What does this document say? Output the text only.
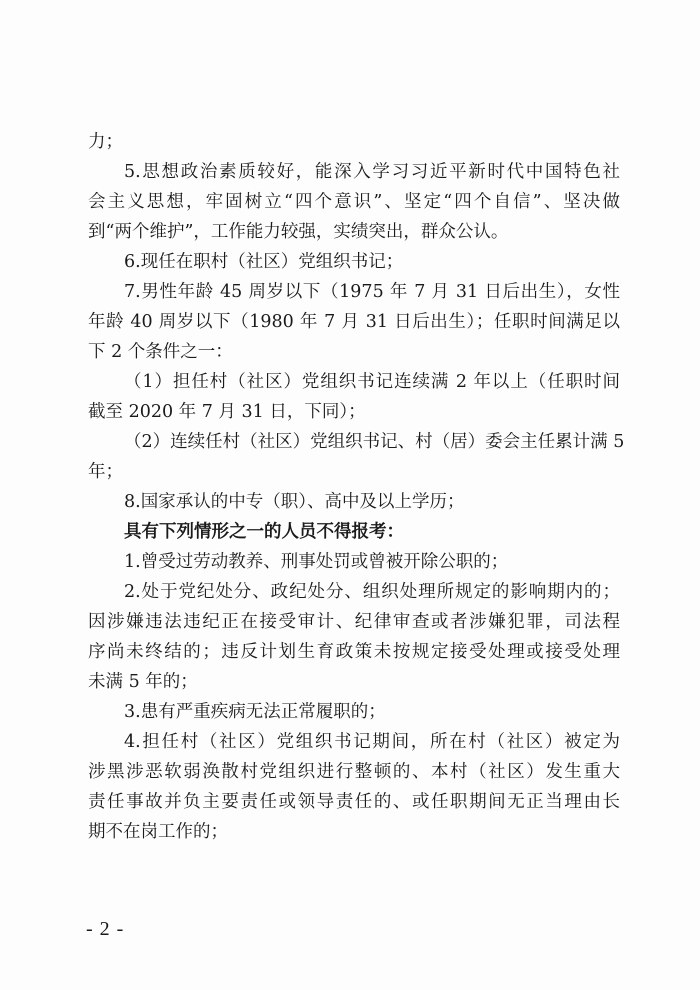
力；

5.思想政治素质较好，能深入学习习近平新时代中国特色社

会主义思想，牢固树立“四个意识”、坚定“四个自信”、坚决做

到“两个维护”，工作能力较强，实绩突出，群众公认。

6.现任在职村（社区）党组织书记；

7.男性年龄 45 周岁以下（1975 年 7 月 31 日后出生），女性

年龄 40 周岁以下（1980 年 7 月 31 日后出生）；任职时间满足以

下 2 个条件之一：

（1）担任村（社区）党组织书记连续满 2 年以上（任职时间

截至 2020 年 7 月 31 日，下同）；

（2）连续任村（社区）党组织书记、村（居）委会主任累计满 5

年；

8.国家承认的中专（职）、高中及以上学历；

具有下列情形之一的人员不得报考：

1.曾受过劳动教养、刑事处罚或曾被开除公职的；

2.处于党纪处分、政纪处分、组织处理所规定的影响期内的；

因涉嫌违法违纪正在接受审计、纪律审查或者涉嫌犯罪，司法程

序尚未终结的；违反计划生育政策未按规定接受处理或接受处理

未满 5 年的；

3.患有严重疾病无法正常履职的；

4.担任村（社区）党组织书记期间，所在村（社区）被定为

涉黑涉恶软弱涣散村党组织进行整顿的、本村（社区）发生重大

责任事故并负主要责任或领导责任的、或任职期间无正当理由长

期不在岗工作的；

- 2 -
